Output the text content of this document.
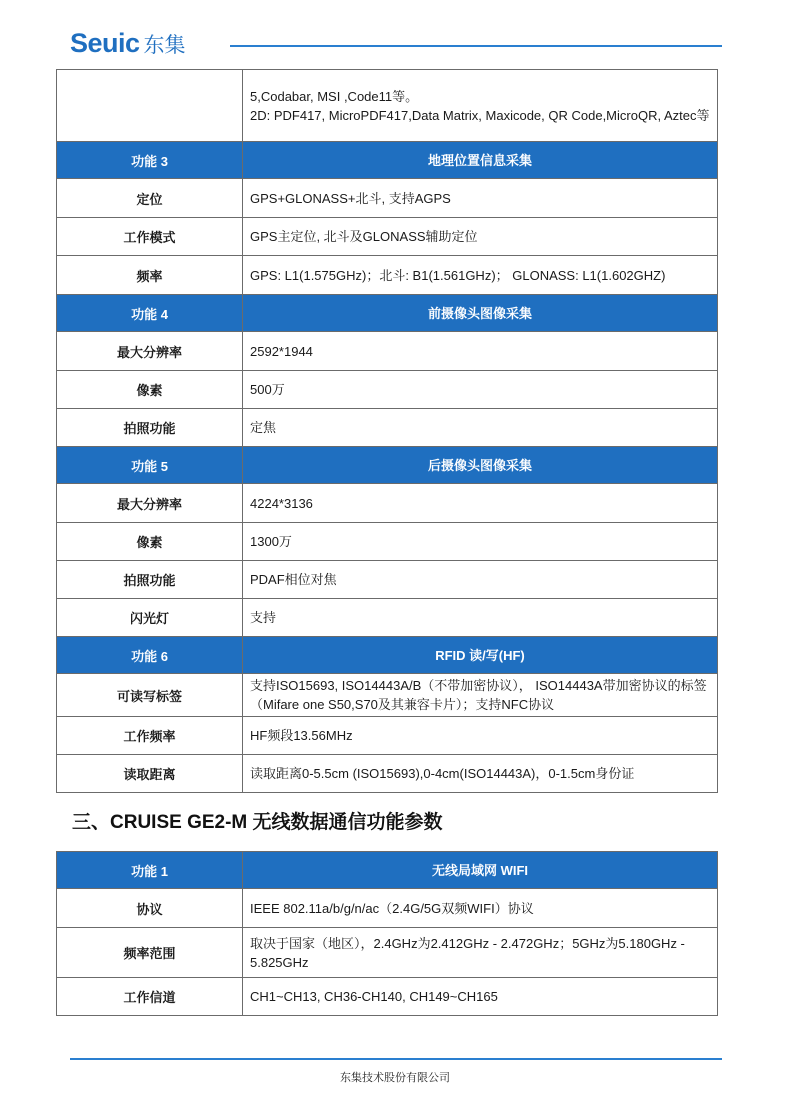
Seuic 东集
	5,Codabar, MSI ,Code11等。
2D: PDF417, MicroPDF417,Data Matrix, Maxicode, QR Code,MicroQR, Aztec等
功能 3	地理位置信息采集
定位	GPS+GLONASS+北斗, 支持AGPS
工作模式	GPS主定位, 北斗及GLONASS辅助定位
频率	GPS: L1(1.575GHz)；北斗: B1(1.561GHz)； GLONASS: L1(1.602GHZ)
功能 4	前摄像头图像采集
最大分辨率	2592*1944
像素	500万
拍照功能	定焦
功能 5	后摄像头图像采集
最大分辨率	4224*3136
像素	1300万
拍照功能	PDAF相位对焦
闪光灯	支持
功能 6	RFID 读/写(HF)
可读写标签	支持ISO15693, ISO14443A/B（不带加密协议）， ISO14443A带加密协议的标签（Mifare one S50,S70及其兼容卡片）；支持NFC协议
工作频率	HF频段13.56MHz
读取距离	读取距离0-5.5cm (ISO15693),0-4cm(ISO14443A)，0-1.5cm身份证
三、CRUISE GE2-M 无线数据通信功能参数
功能 1	无线局域网 WIFI
协议	IEEE 802.11a/b/g/n/ac（2.4G/5G双频WIFI）协议
频率范围	取决于国家（地区），2.4GHz为2.412GHz - 2.472GHz；5GHz为5.180GHz - 5.825GHz
工作信道	CH1~CH13, CH36-CH140, CH149~CH165
东集技术股份有限公司
